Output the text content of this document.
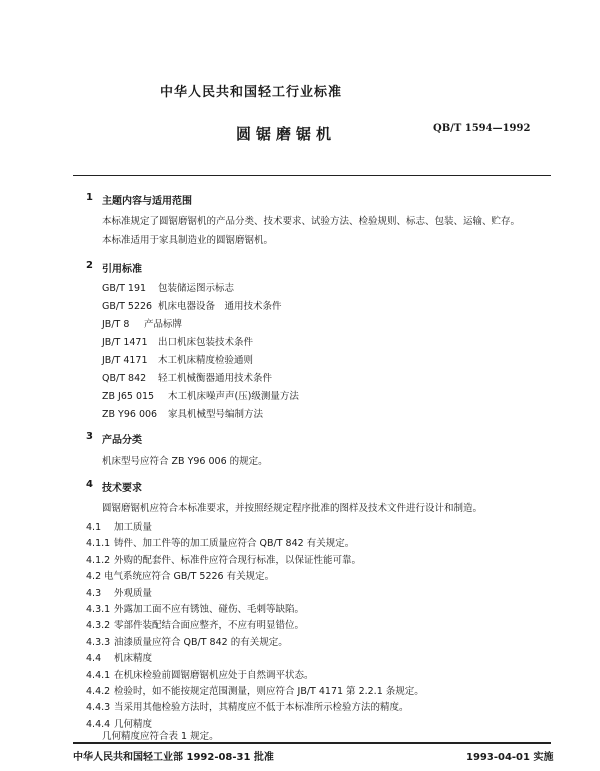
中华人民共和国轻工行业标准
圆锯磨锯机	QB/T 1594—1992
1 主题内容与适用范围
本标准规定了圆锯磨锯机的产品分类、技术要求、试验方法、检验规则、标志、包装、运输、贮存。
本标准适用于家具制造业的圆锯磨锯机。
2 引用标准
GB/T 191 包装储运图示标志
GB/T 5226 机床电器设备　通用技术条件
JB/T 8 产品标牌
JB/T 1471 出口机床包装技术条件
JB/T 4171 木工机床精度检验通则
QB/T 842 轻工机械衡器通用技术条件
ZB J65 015 木工机床噪声声(压)级测量方法
ZB Y96 006 家具机械型号编制方法
3 产品分类
机床型号应符合 ZB Y96 006 的规定。
4 技术要求
圆锯磨锯机应符合本标准要求，并按照经规定程序批准的图样及技术文件进行设计和制造。
4.1 加工质量
4.1.1 铸件、加工件等的加工质量应符合 QB/T 842 有关规定。
4.1.2 外购的配套件、标准件应符合现行标准，以保证性能可靠。
4.2 电气系统应符合 GB/T 5226 有关规定。
4.3 外观质量
4.3.1 外露加工面不应有锈蚀、碰伤、毛刺等缺陷。
4.3.2 零部件装配结合面应整齐，不应有明显错位。
4.3.3 油漆质量应符合 QB/T 842 的有关规定。
4.4 机床精度
4.4.1 在机床检验前圆锯磨锯机应处于自然调平状态。
4.4.2 检验时，如不能按规定范围测量，则应符合 JB/T 4171 第 2.2.1 条规定。
4.4.3 当采用其他检验方法时，其精度应不低于本标准所示检验方法的精度。
4.4.4 几何精度
几何精度应符合表 1 规定。
中华人民共和国轻工业部 1992-08-31 批准	1993-04-01 实施
